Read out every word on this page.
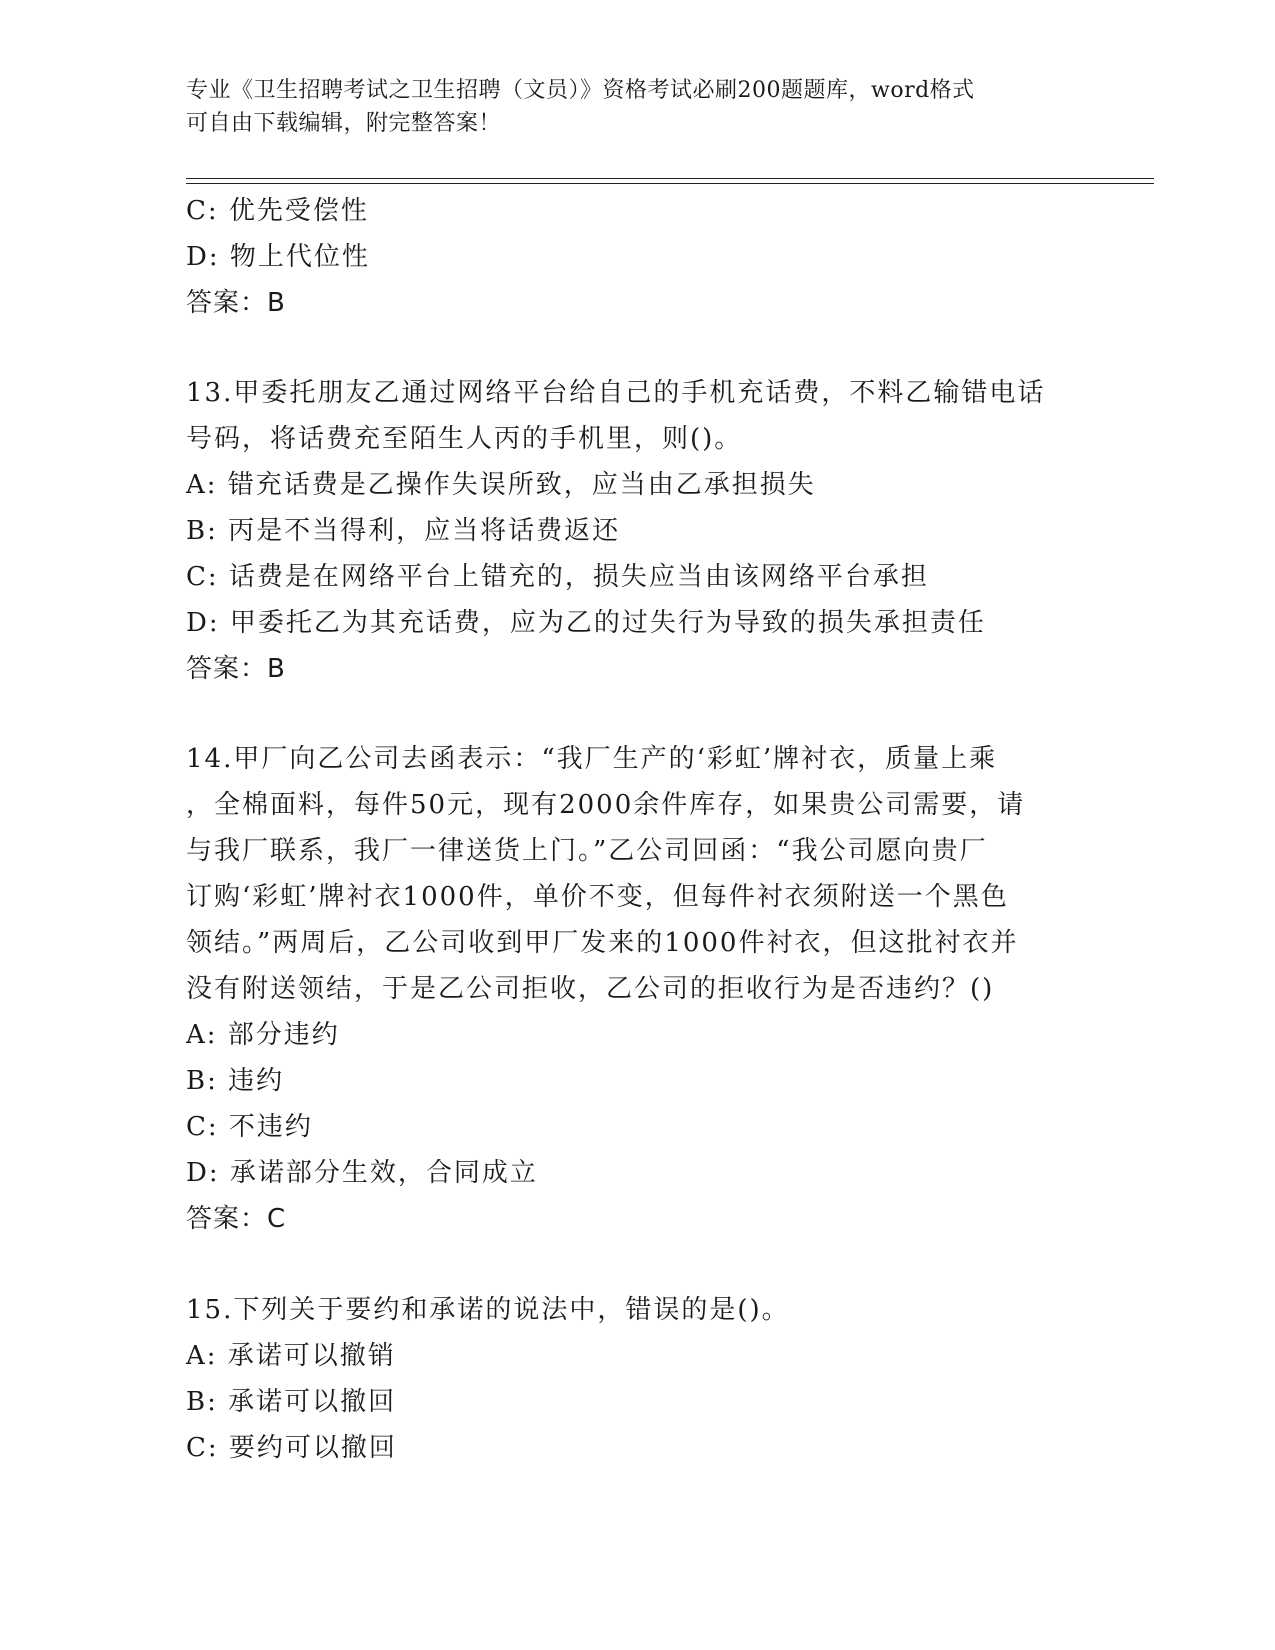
专业《卫生招聘考试之卫生招聘（文员）》资格考试必刷200题题库，word格式
可自由下载编辑，附完整答案！
C: 优先受偿性
D: 物上代位性
答案：B
13.甲委托朋友乙通过网络平台给自己的手机充话费，不料乙输错电话
号码，将话费充至陌生人丙的手机里，则()。
A: 错充话费是乙操作失误所致，应当由乙承担损失
B: 丙是不当得利，应当将话费返还
C: 话费是在网络平台上错充的，损失应当由该网络平台承担
D: 甲委托乙为其充话费，应为乙的过失行为导致的损失承担责任
答案：B
14.甲厂向乙公司去函表示：“我厂生产的‘彩虹’牌衬衣，质量上乘
，全棉面料，每件50元，现有2000余件库存，如果贵公司需要，请
与我厂联系，我厂一律送货上门。”乙公司回函：“我公司愿向贵厂
订购‘彩虹’牌衬衣1000件，单价不变，但每件衬衣须附送一个黑色
领结。”两周后，乙公司收到甲厂发来的1000件衬衣，但这批衬衣并
没有附送领结，于是乙公司拒收，乙公司的拒收行为是否违约？()
A: 部分违约
B: 违约
C: 不违约
D: 承诺部分生效，合同成立
答案：C
15.下列关于要约和承诺的说法中，错误的是()。
A: 承诺可以撤销
B: 承诺可以撤回
C: 要约可以撤回
